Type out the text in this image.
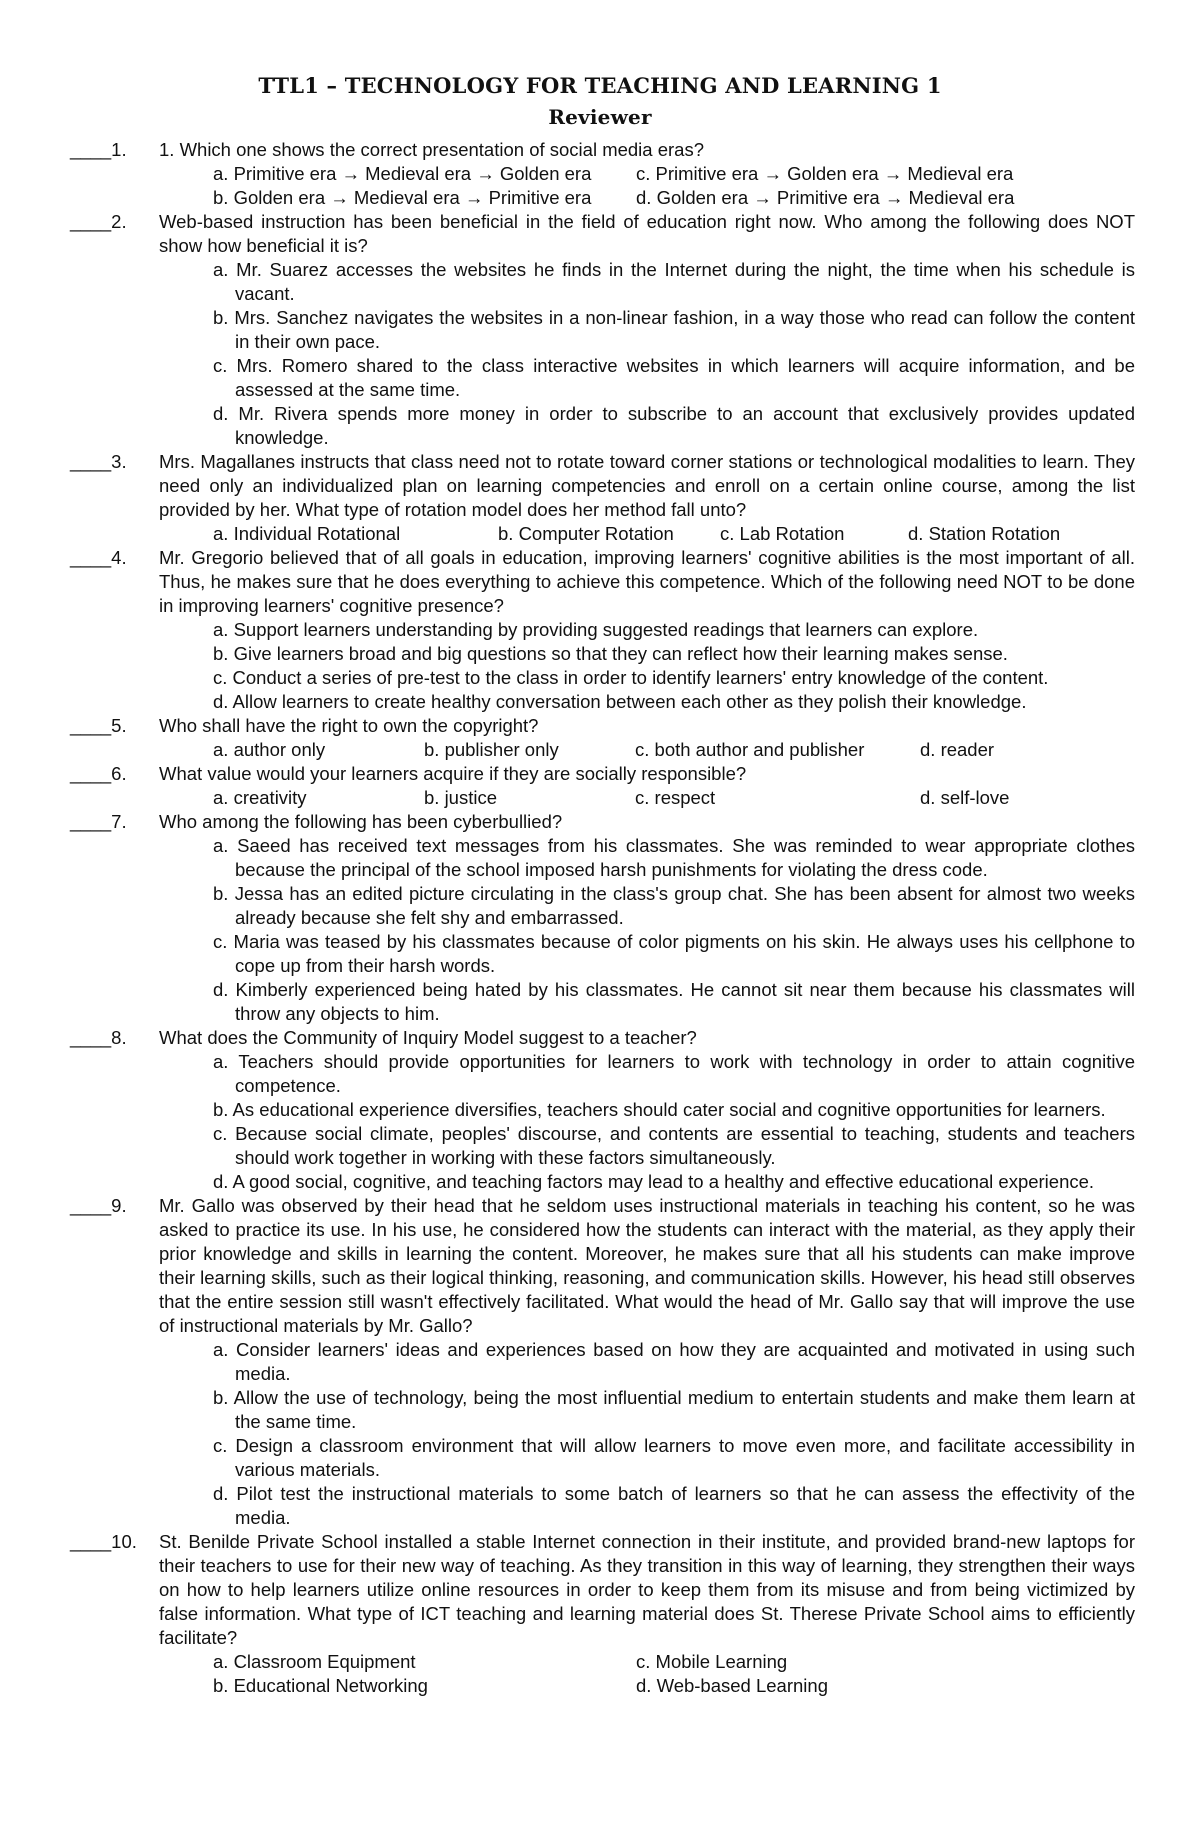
TTL1 – TECHNOLOGY FOR TEACHING AND LEARNING 1
Reviewer
____1. 1. Which one shows the correct presentation of social media eras?
a. Primitive era → Medieval era → Golden era	c. Primitive era → Golden era → Medieval era
b. Golden era → Medieval era → Primitive era	d. Golden era → Primitive era → Medieval era
____2. Web-based instruction has been beneficial in the field of education right now. Who among the following does NOT show how beneficial it is?
a. Mr. Suarez accesses the websites he finds in the Internet during the night, the time when his schedule is vacant.
b. Mrs. Sanchez navigates the websites in a non-linear fashion, in a way those who read can follow the content in their own pace.
c. Mrs. Romero shared to the class interactive websites in which learners will acquire information, and be assessed at the same time.
d. Mr. Rivera spends more money in order to subscribe to an account that exclusively provides updated knowledge.
____3. Mrs. Magallanes instructs that class need not to rotate toward corner stations or technological modalities to learn. They need only an individualized plan on learning competencies and enroll on a certain online course, among the list provided by her. What type of rotation model does her method fall unto?
a. Individual Rotational	b. Computer Rotation	c. Lab Rotation	d. Station Rotation
____4. Mr. Gregorio believed that of all goals in education, improving learners' cognitive abilities is the most important of all. Thus, he makes sure that he does everything to achieve this competence. Which of the following need NOT to be done in improving learners' cognitive presence?
a. Support learners understanding by providing suggested readings that learners can explore.
b. Give learners broad and big questions so that they can reflect how their learning makes sense.
c. Conduct a series of pre-test to the class in order to identify learners' entry knowledge of the content.
d. Allow learners to create healthy conversation between each other as they polish their knowledge.
____5. Who shall have the right to own the copyright?
a. author only	b. publisher only	c. both author and publisher	d. reader
____6. What value would your learners acquire if they are socially responsible?
a. creativity	b. justice	c. respect	d. self-love
____7. Who among the following has been cyberbullied?
a. Saeed has received text messages from his classmates. She was reminded to wear appropriate clothes because the principal of the school imposed harsh punishments for violating the dress code.
b. Jessa has an edited picture circulating in the class's group chat. She has been absent for almost two weeks already because she felt shy and embarrassed.
c. Maria was teased by his classmates because of color pigments on his skin. He always uses his cellphone to cope up from their harsh words.
d. Kimberly experienced being hated by his classmates. He cannot sit near them because his classmates will throw any objects to him.
____8. What does the Community of Inquiry Model suggest to a teacher?
a. Teachers should provide opportunities for learners to work with technology in order to attain cognitive competence.
b. As educational experience diversifies, teachers should cater social and cognitive opportunities for learners.
c. Because social climate, peoples' discourse, and contents are essential to teaching, students and teachers should work together in working with these factors simultaneously.
d. A good social, cognitive, and teaching factors may lead to a healthy and effective educational experience.
____9. Mr. Gallo was observed by their head that he seldom uses instructional materials in teaching his content, so he was asked to practice its use. In his use, he considered how the students can interact with the material, as they apply their prior knowledge and skills in learning the content. Moreover, he makes sure that all his students can make improve their learning skills, such as their logical thinking, reasoning, and communication skills. However, his head still observes that the entire session still wasn't effectively facilitated. What would the head of Mr. Gallo say that will improve the use of instructional materials by Mr. Gallo?
a. Consider learners' ideas and experiences based on how they are acquainted and motivated in using such media.
b. Allow the use of technology, being the most influential medium to entertain students and make them learn at the same time.
c. Design a classroom environment that will allow learners to move even more, and facilitate accessibility in various materials.
d. Pilot test the instructional materials to some batch of learners so that he can assess the effectivity of the media.
____10. St. Benilde Private School installed a stable Internet connection in their institute, and provided brand-new laptops for their teachers to use for their new way of teaching. As they transition in this way of learning, they strengthen their ways on how to help learners utilize online resources in order to keep them from its misuse and from being victimized by false information. What type of ICT teaching and learning material does St. Therese Private School aims to efficiently facilitate?
a. Classroom Equipment	c. Mobile Learning
b. Educational Networking	d. Web-based Learning
